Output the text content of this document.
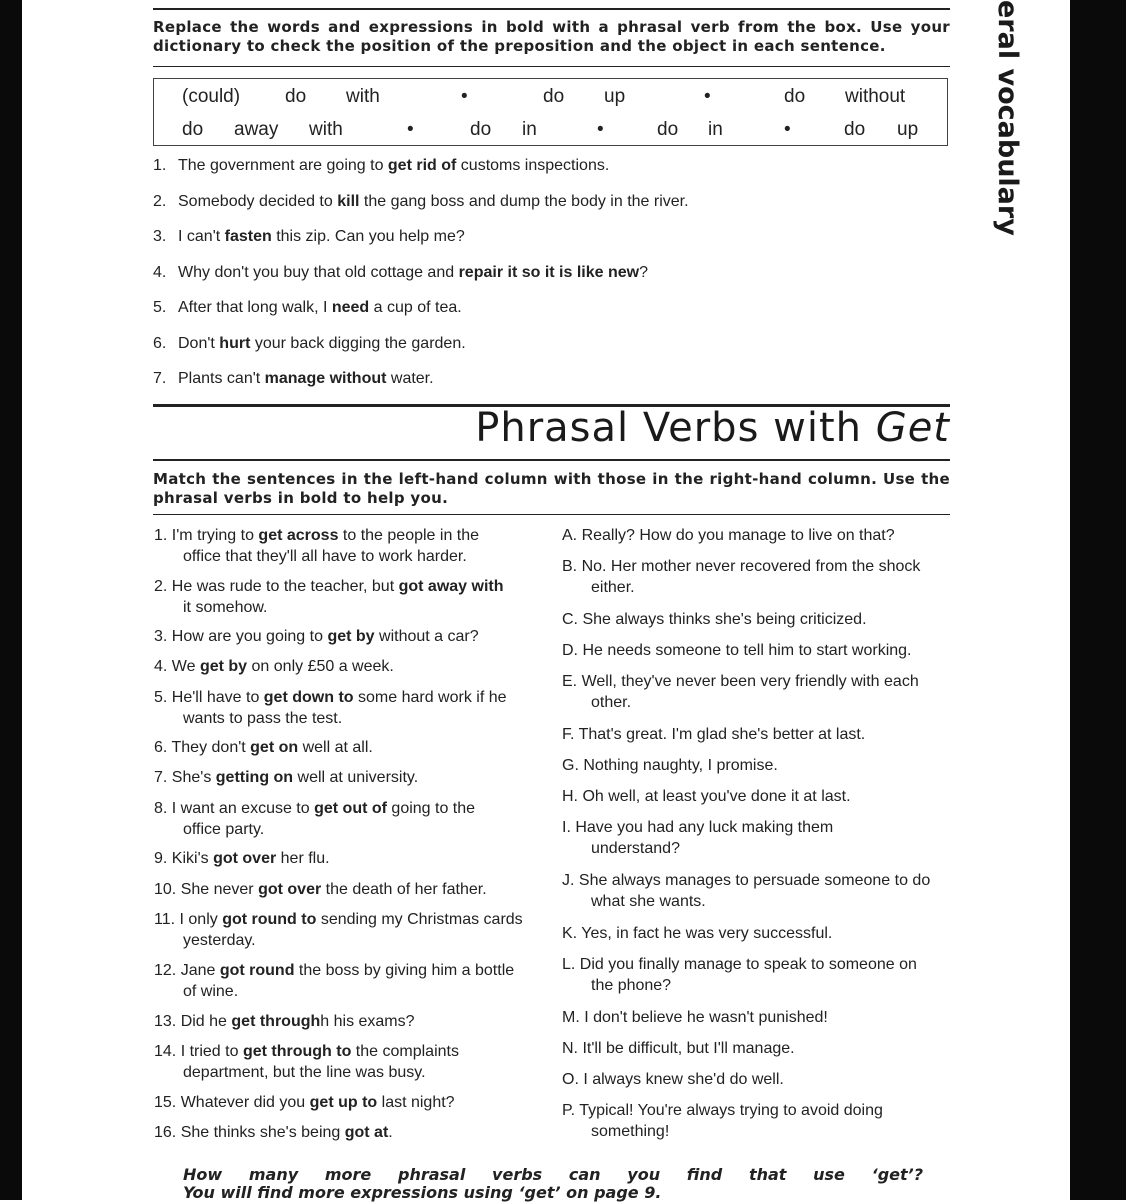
eral vocabulary
Replace the words and expressions in bold with a phrasal verb from the box. Use your dictionary to check the position of the preposition and the object in each sentence.
(could) do with	•	do up	•	do without
do away with	•	do in	•	do in	•	do up
1. The government are going to get rid of customs inspections.
2. Somebody decided to kill the gang boss and dump the body in the river.
3. I can't fasten this zip. Can you help me?
4. Why don't you buy that old cottage and repair it so it is like new?
5. After that long walk, I need a cup of tea.
6. Don't hurt your back digging the garden.
7. Plants can't manage without water.
Phrasal Verbs with Get
Match the sentences in the left-hand column with those in the right-hand column. Use the phrasal verbs in bold to help you.
1. I'm trying to get across to the people in the
office that they'll all have to work harder.
2. He was rude to the teacher, but got away with
it somehow.
3. How are you going to get by without a car?
4. We get by on only £50 a week.
5. He'll have to get down to some hard work if he
wants to pass the test.
6. They don't get on well at all.
7. She's getting on well at university.
8. I want an excuse to get out of going to the
office party.
9. Kiki's got over her flu.
10. She never got over the death of her father.
11. I only got round to sending my Christmas cards
yesterday.
12. Jane got round the boss by giving him a bottle
of wine.
13. Did he get throughh his exams?
14. I tried to get through to the complaints
department, but the line was busy.
15. Whatever did you get up to last night?
16. She thinks she's being got at.
A. Really? How do you manage to live on that?
B. No. Her mother never recovered from the shock
either.
C. She always thinks she's being criticized.
D. He needs someone to tell him to start working.
E. Well, they've never been very friendly with each
other.
F. That's great. I'm glad she's better at last.
G. Nothing naughty, I promise.
H. Oh well, at least you've done it at last.
I. Have you had any luck making them
understand?
J. She always manages to persuade someone to do
what she wants.
K. Yes, in fact he was very successful.
L. Did you finally manage to speak to someone on
the phone?
M. I don't believe he wasn't punished!
N. It'll be difficult, but I'll manage.
O. I always knew she'd do well.
P. Typical! You're always trying to avoid doing
something!
How many more phrasal verbs can you find that use ‘get’?
You will find more expressions using ‘get’ on page 9.
